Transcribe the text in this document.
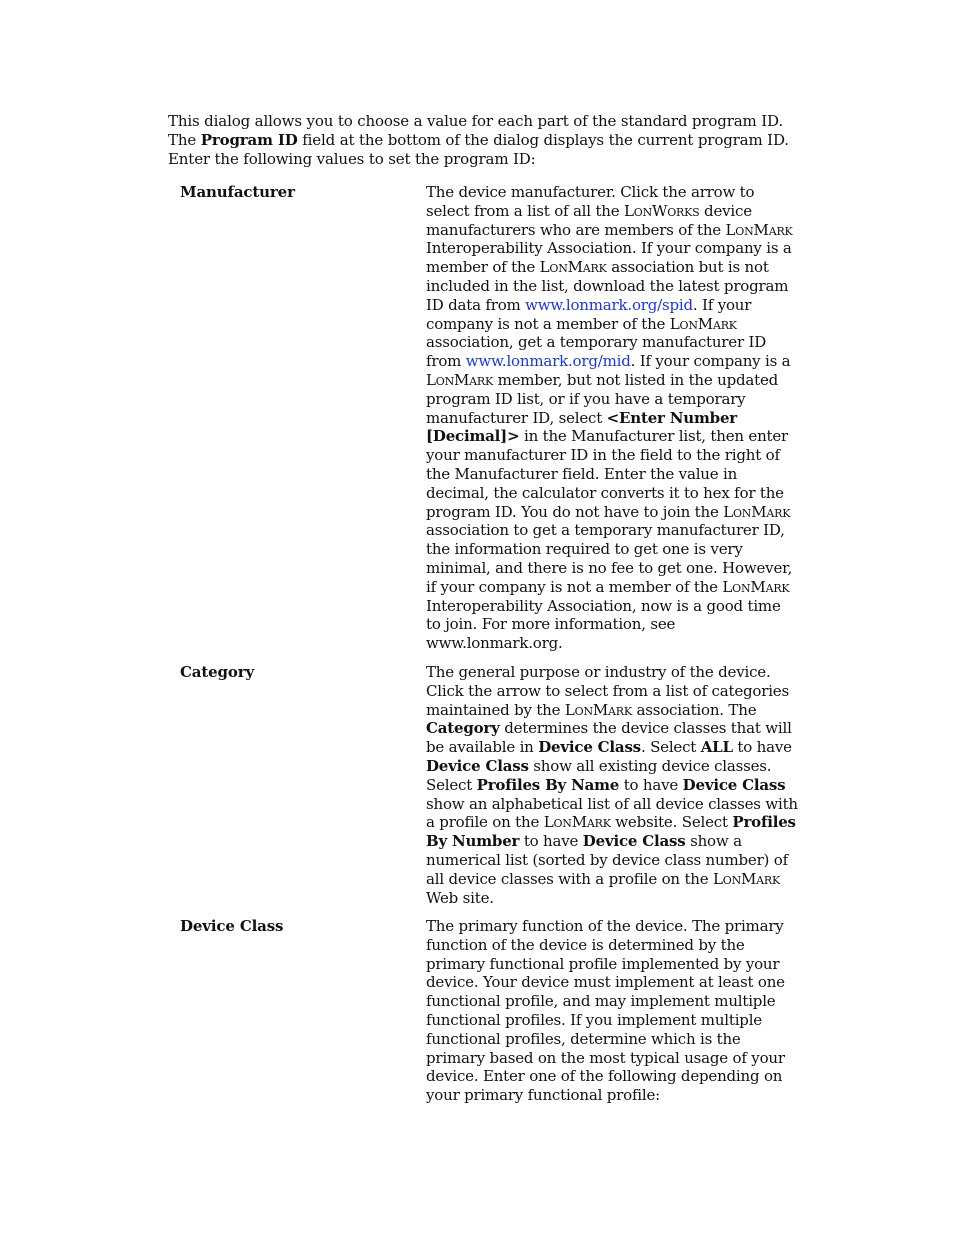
This dialog allows you to choose a value for each part of the standard program ID. The Program ID field at the bottom of the dialog displays the current program ID. Enter the following values to set the program ID:

Manufacturer	The device manufacturer. Click the arrow to select from a list of all the LonWorks device manufacturers who are members of the LonMark Interoperability Association. If your company is a member of the LonMark association but is not included in the list, download the latest program ID data from www.lonmark.org/spid. If your company is not a member of the LonMark association, get a temporary manufacturer ID from www.lonmark.org/mid. If your company is a LonMark member, but not listed in the updated program ID list, or if you have a temporary manufacturer ID, select <Enter Number [Decimal]> in the Manufacturer list, then enter your manufacturer ID in the field to the right of the Manufacturer field. Enter the value in decimal, the calculator converts it to hex for the program ID. You do not have to join the LonMark association to get a temporary manufacturer ID, the information required to get one is very minimal, and there is no fee to get one. However, if your company is not a member of the LonMark Interoperability Association, now is a good time to join. For more information, see www.lonmark.org.

Category	The general purpose or industry of the device. Click the arrow to select from a list of categories maintained by the LonMark association. The Category determines the device classes that will be available in Device Class. Select ALL to have Device Class show all existing device classes. Select Profiles By Name to have Device Class show an alphabetical list of all device classes with a profile on the LonMark website. Select Profiles By Number to have Device Class show a numerical list (sorted by device class number) of all device classes with a profile on the LonMark Web site.

Device Class	The primary function of the device. The primary function of the device is determined by the primary functional profile implemented by your device. Your device must implement at least one functional profile, and may implement multiple functional profiles. If you implement multiple functional profiles, determine which is the primary based on the most typical usage of your device. Enter one of the following depending on your primary functional profile:
